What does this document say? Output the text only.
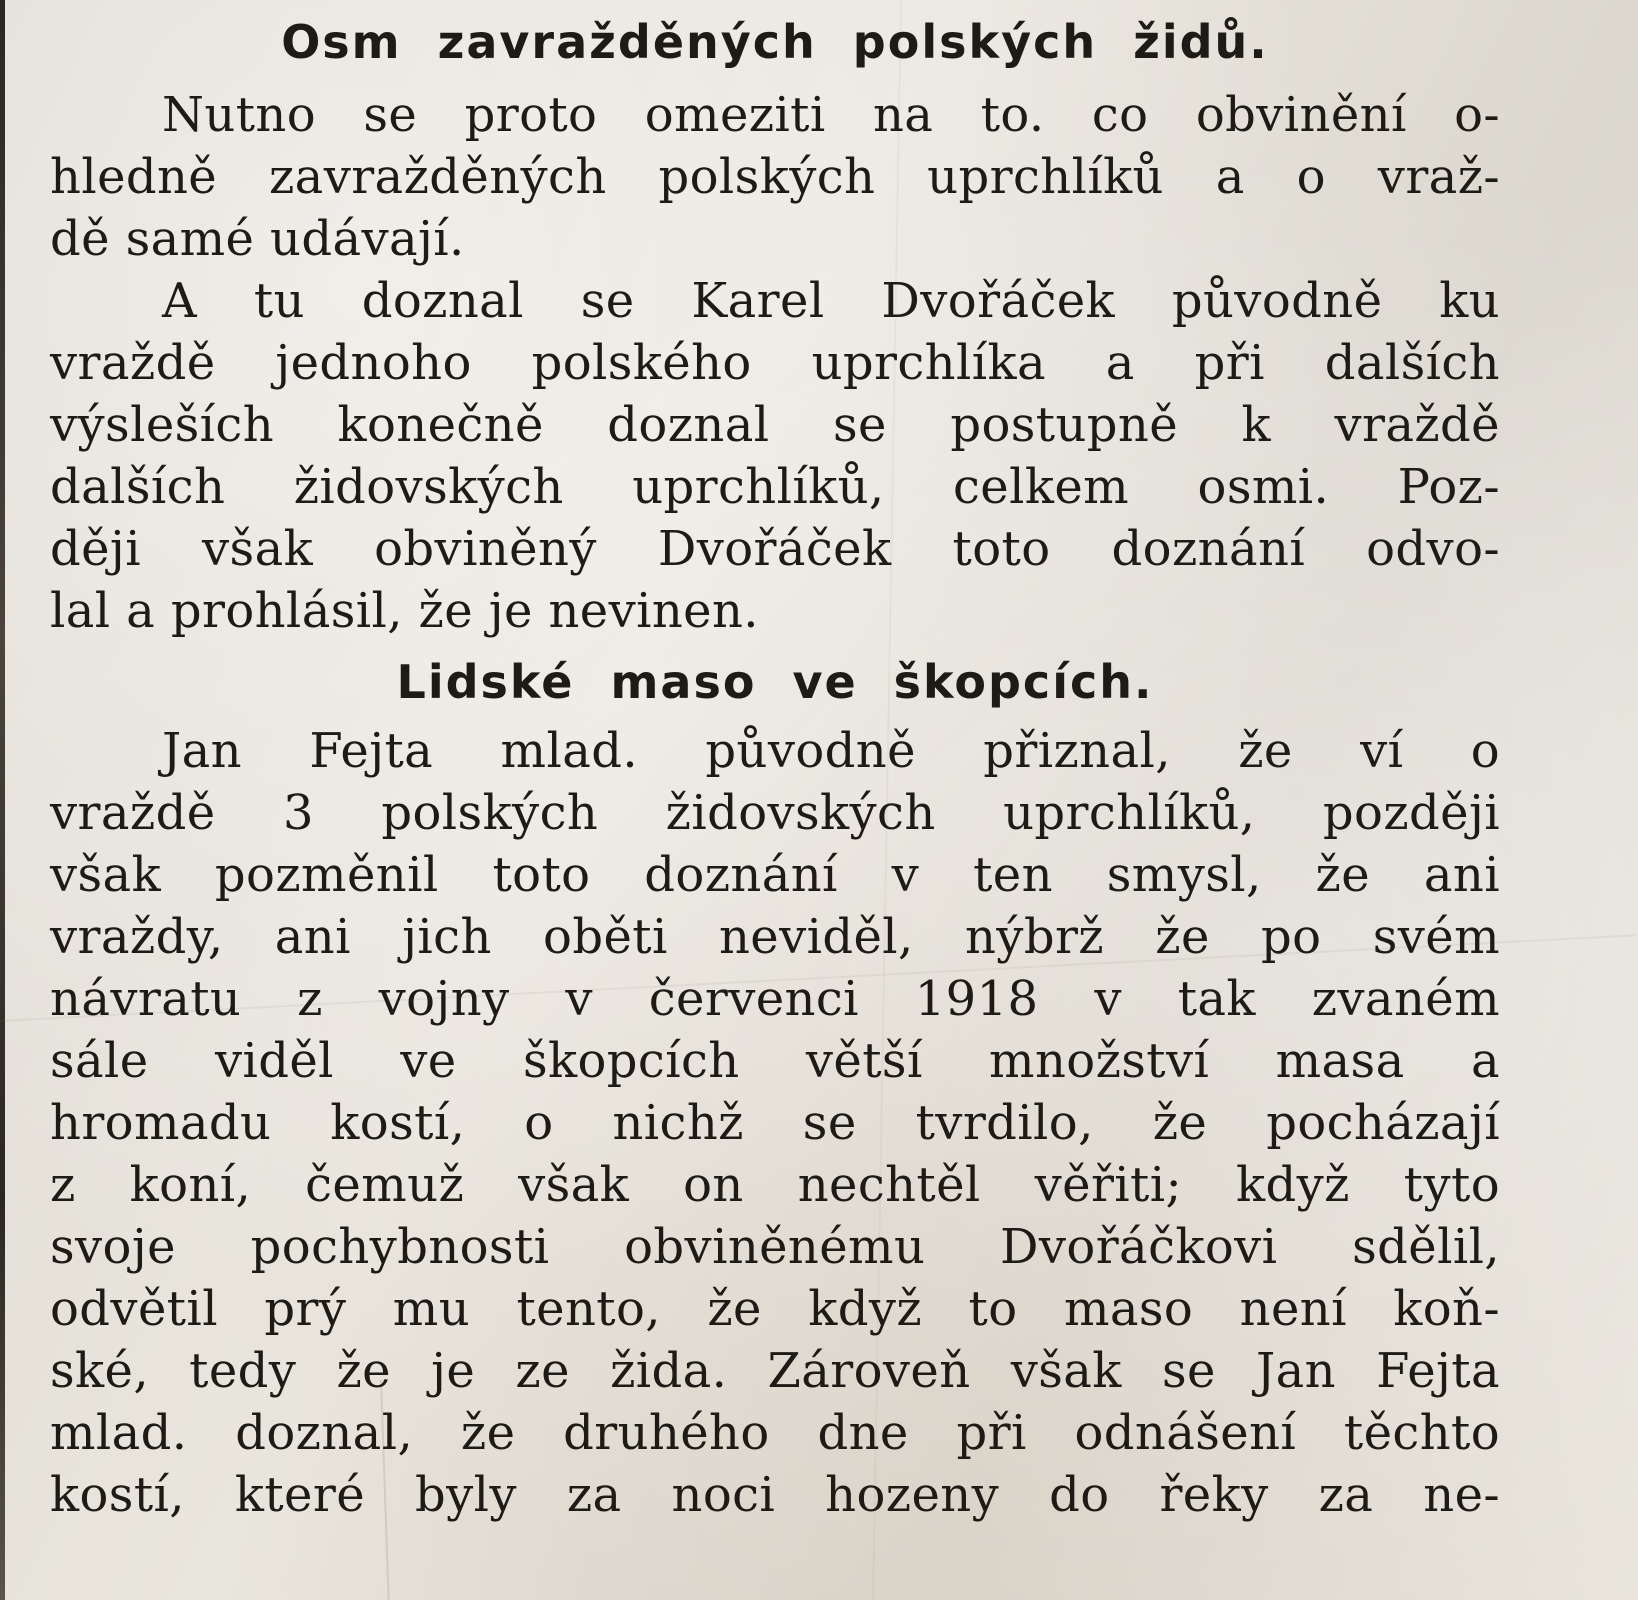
Osm zavražděných polských židů.
Nutno se proto omeziti na to. co obvinění o-
hledně zavražděných polských uprchlíků a o vraž-
dě samé udávají.
A tu doznal se Karel Dvořáček původně ku
vraždě jednoho polského uprchlíka a při dalších
výsleších konečně doznal se postupně k vraždě
dalších židovských uprchlíků, celkem osmi. Poz-
ději však obviněný Dvořáček toto doznání odvo-
lal a prohlásil, že je nevinen.
Lidské maso ve škopcích.
Jan Fejta mlad. původně přiznal, že ví o
vraždě 3 polských židovských uprchlíků, později
však pozměnil toto doznání v ten smysl, že ani
vraždy, ani jich oběti neviděl, nýbrž že po svém
návratu z vojny v červenci 1918 v tak zvaném
sále viděl ve škopcích větší množství masa a
hromadu kostí, o nichž se tvrdilo, že pocházají
z koní, čemuž však on nechtěl věřiti; když tyto
svoje pochybnosti obviněnému Dvořáčkovi sdělil,
odvětil prý mu tento, že když to maso není koň-
ské, tedy že je ze žida. Zároveň však se Jan Fejta
mlad. doznal, že druhého dne při odnášení těchto
kostí, které byly za noci hozeny do řeky za ne-
